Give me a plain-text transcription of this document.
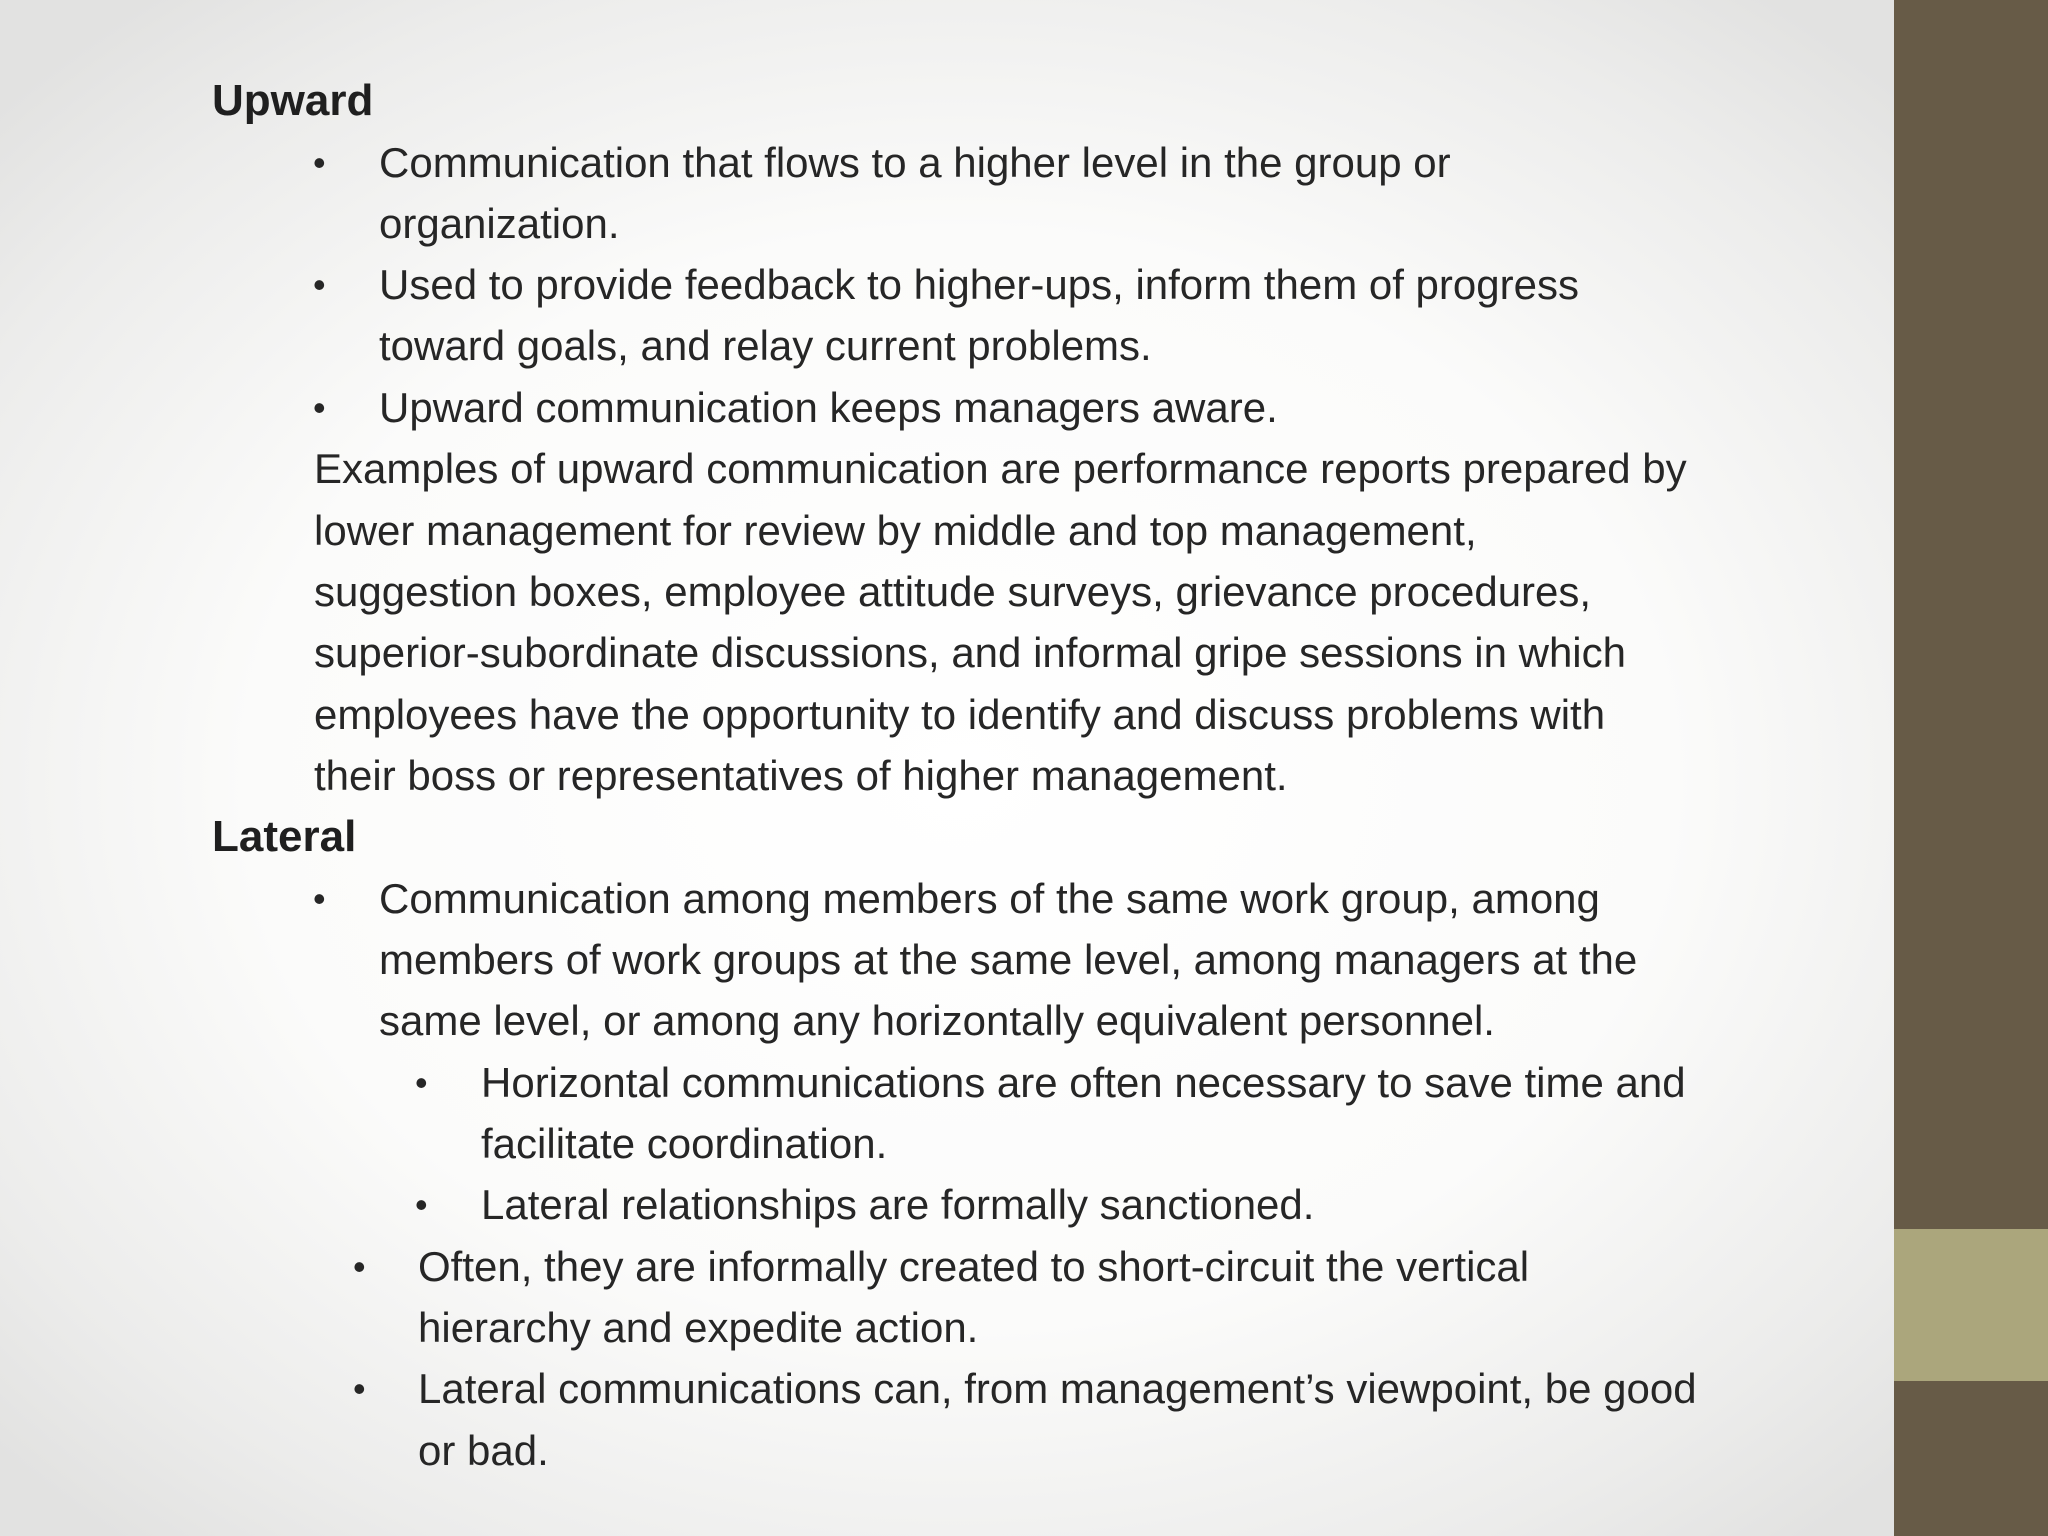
Upward
• Communication that flows to a higher level in the group or
organization.
• Used to provide feedback to higher-ups, inform them of progress
toward goals, and relay current problems.
• Upward communication keeps managers aware.
Examples of upward communication are performance reports prepared by
lower management for review by middle and top management,
suggestion boxes, employee attitude surveys, grievance procedures,
superior-subordinate discussions, and informal gripe sessions in which
employees have the opportunity to identify and discuss problems with
their boss or representatives of higher management.
Lateral
• Communication among members of the same work group, among
members of work groups at the same level, among managers at the
same level, or among any horizontally equivalent personnel.
• Horizontal communications are often necessary to save time and
facilitate coordination.
• Lateral relationships are formally sanctioned.
• Often, they are informally created to short-circuit the vertical
hierarchy and expedite action.
• Lateral communications can, from management’s viewpoint, be good
or bad.
